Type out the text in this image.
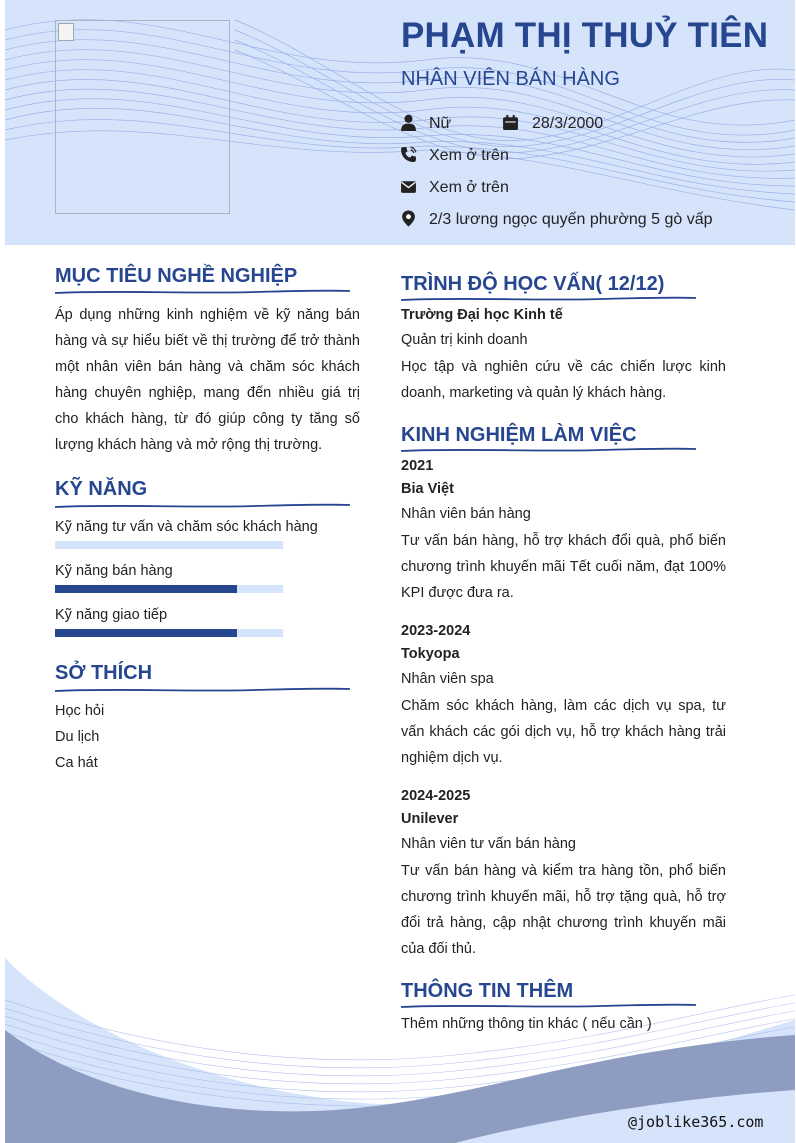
PHẠM THỊ THUỶ TIÊN
NHÂN VIÊN BÁN HÀNG
Nữ	28/3/2000
Xem ở trên
Xem ở trên
2/3 lương ngọc quyến phường 5 gò vấp
MỤC TIÊU NGHỀ NGHIỆP
Áp dụng những kinh nghiệm về kỹ năng bán hàng và sự hiểu biết về thị trường để trở thành một nhân viên bán hàng và chăm sóc khách hàng chuyên nghiệp, mang đến nhiều giá trị cho khách hàng, từ đó giúp công ty tăng số lượng khách hàng và mở rộng thị trường.
KỸ NĂNG
Kỹ năng tư vấn và chăm sóc khách hàng
Kỹ năng bán hàng
Kỹ năng giao tiếp
SỞ THÍCH
Học hỏi
Du lịch
Ca hát
TRÌNH ĐỘ HỌC VẤN( 12/12)
Trường Đại học Kinh tế
Quản trị kinh doanh
Học tập và nghiên cứu về các chiến lược kinh doanh, marketing và quản lý khách hàng.
KINH NGHIỆM LÀM VIỆC
2021
Bia Việt
Nhân viên bán hàng
Tư vấn bán hàng, hỗ trợ khách đổi quà, phổ biến chương trình khuyến mãi Tết cuối năm, đạt 100% KPI được đưa ra.
2023-2024
Tokyopa
Nhân viên spa
Chăm sóc khách hàng, làm các dịch vụ spa, tư vấn khách các gói dịch vụ, hỗ trợ khách hàng trải nghiệm dịch vụ.
2024-2025
Unilever
Nhân viên tư vấn bán hàng
Tư vấn bán hàng và kiểm tra hàng tồn, phổ biến chương trình khuyến mãi, hỗ trợ tặng quà, hỗ trợ đổi trả hàng, cập nhật chương trình khuyến mãi của đối thủ.
THÔNG TIN THÊM
Thêm những thông tin khác ( nếu cần )
@joblike365.com
